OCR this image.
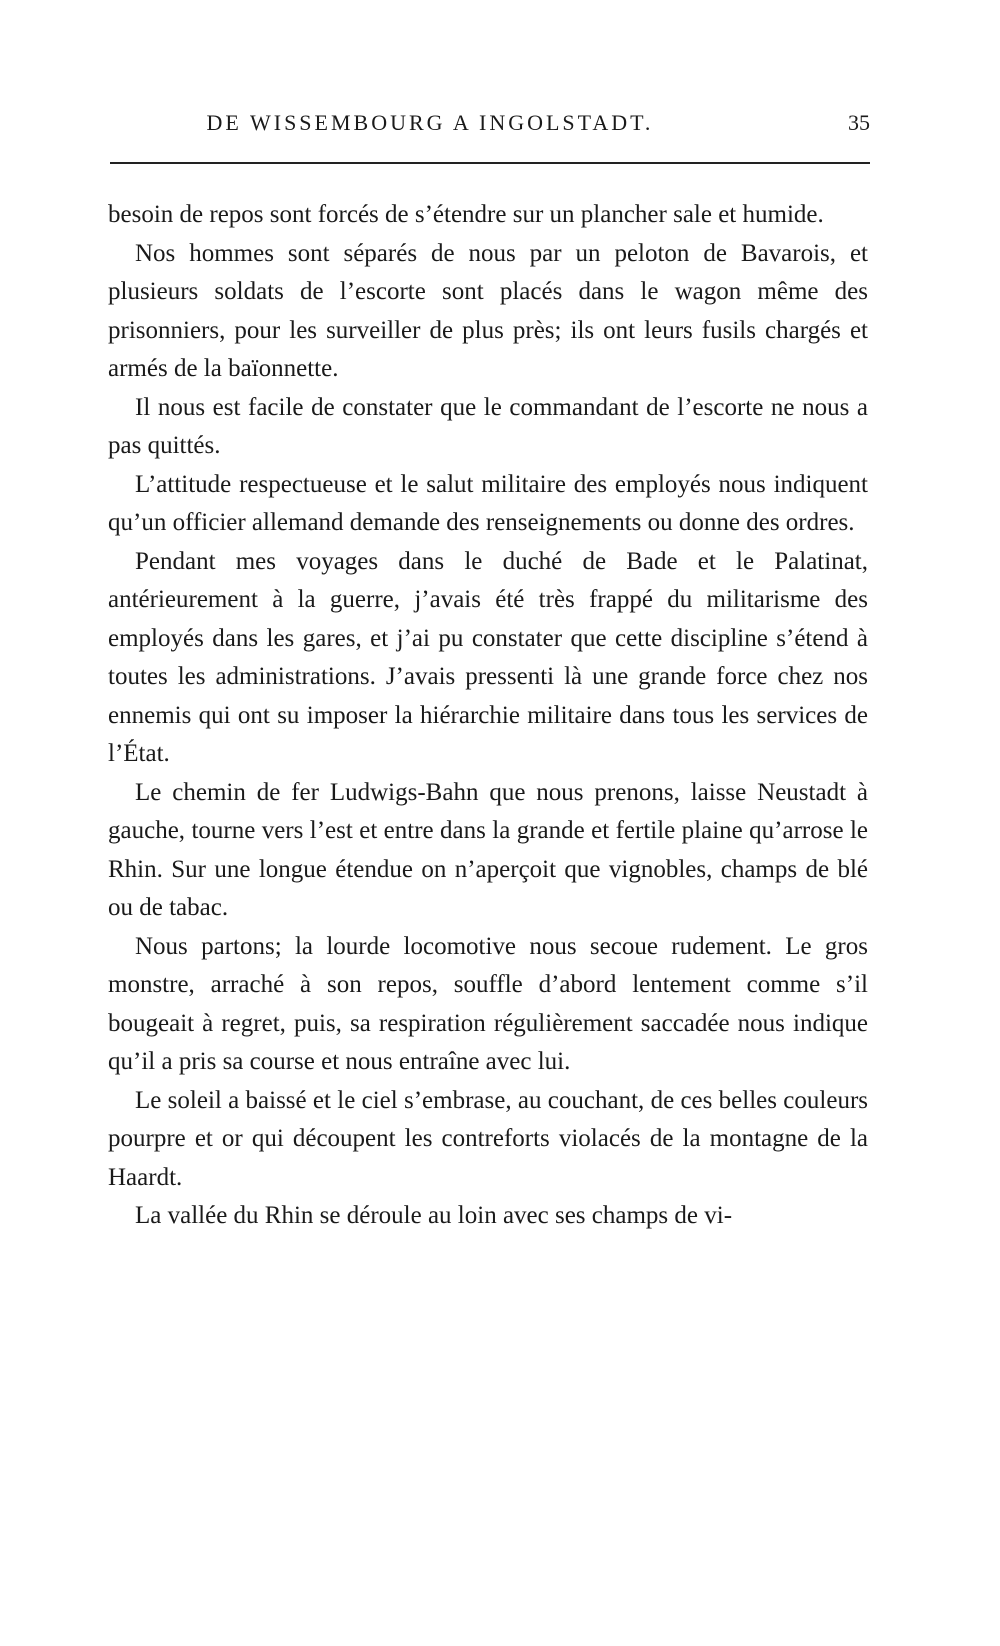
DE WISSEMBOURG A INGOLSTADT.	35

besoin de repos sont forcés de s’étendre sur un plancher sale et humide.

Nos hommes sont séparés de nous par un peloton de Bavarois, et plusieurs soldats de l’escorte sont placés dans le wagon même des prisonniers, pour les surveiller de plus près; ils ont leurs fusils chargés et armés de la baïonnette.

Il nous est facile de constater que le commandant de l’escorte ne nous a pas quittés.

L’attitude respectueuse et le salut militaire des employés nous indiquent qu’un officier allemand demande des renseignements ou donne des ordres.

Pendant mes voyages dans le duché de Bade et le Palatinat, antérieurement à la guerre, j’avais été très frappé du militarisme des employés dans les gares, et j’ai pu constater que cette discipline s’étend à toutes les administrations. J’avais pressenti là une grande force chez nos ennemis qui ont su imposer la hiérarchie militaire dans tous les services de l’État.

Le chemin de fer Ludwigs-Bahn que nous prenons, laisse Neustadt à gauche, tourne vers l’est et entre dans la grande et fertile plaine qu’arrose le Rhin. Sur une longue étendue on n’aperçoit que vignobles, champs de blé ou de tabac.

Nous partons; la lourde locomotive nous secoue rudement. Le gros monstre, arraché à son repos, souffle d’abord lentement comme s’il bougeait à regret, puis, sa respiration régulièrement saccadée nous indique qu’il a pris sa course et nous entraîne avec lui.

Le soleil a baissé et le ciel s’embrase, au couchant, de ces belles couleurs pourpre et or qui découpent les contreforts violacés de la montagne de la Haardt.

La vallée du Rhin se déroule au loin avec ses champs de vi-
